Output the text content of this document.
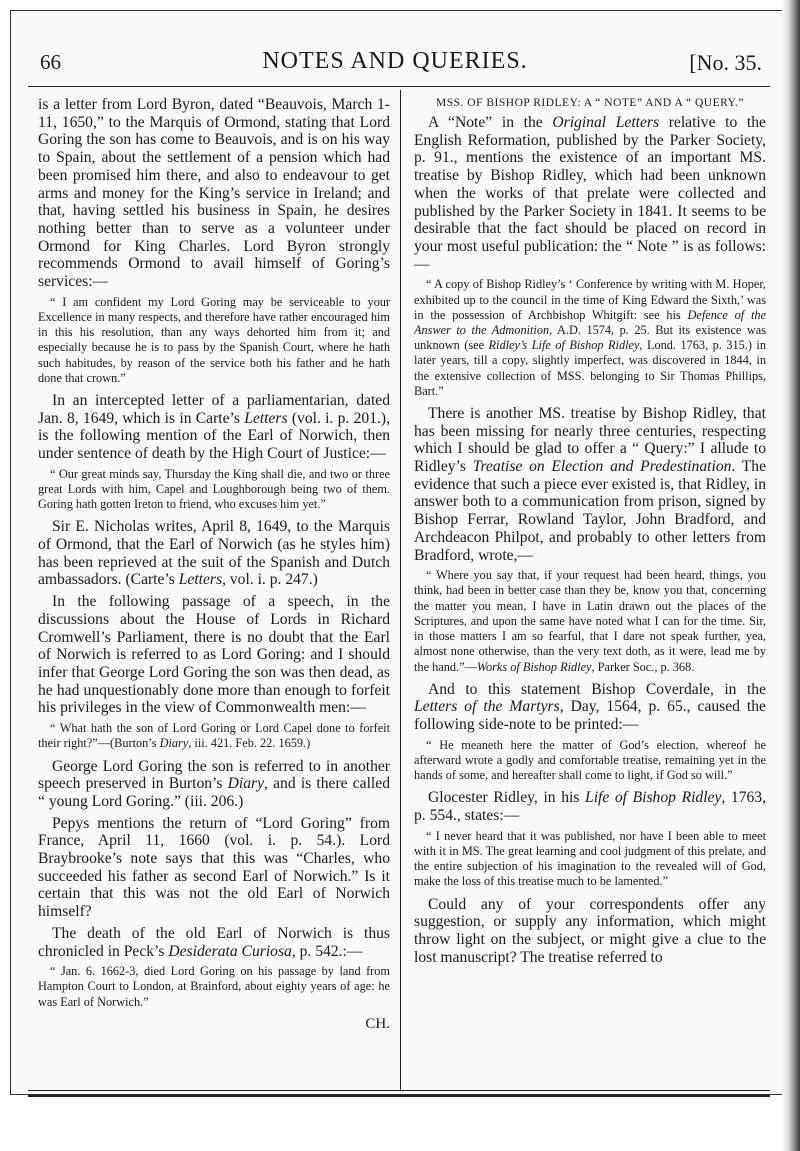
66	NOTES AND QUERIES.	[No. 35.

is a letter from Lord Byron, dated “Beauvois, March 1-11, 1650,” to the Marquis of Ormond, stating that Lord Goring the son has come to Beauvois, and is on his way to Spain, about the settlement of a pension which had been promised him there, and also to endeavour to get arms and money for the King’s service in Ireland; and that, having settled his business in Spain, he desires nothing better than to serve as a volunteer under Ormond for King Charles. Lord Byron strongly recommends Ormond to avail himself of Goring’s services:—

“ I am confident my Lord Goring may be serviceable to your Excellence in many respects, and therefore have rather encouraged him in this his resolution, than any ways dehorted him from it; and especially because he is to pass by the Spanish Court, where he hath such habitudes, by reason of the service both his father and he hath done that crown.”

In an intercepted letter of a parliamentarian, dated Jan. 8, 1649, which is in Carte’s Letters (vol. i. p. 201.), is the following mention of the Earl of Norwich, then under sentence of death by the High Court of Justice:—

“ Our great minds say, Thursday the King shall die, and two or three great Lords with him, Capel and Loughborough being two of them. Goring hath gotten Ireton to friend, who excuses him yet.”

Sir E. Nicholas writes, April 8, 1649, to the Marquis of Ormond, that the Earl of Norwich (as he styles him) has been reprieved at the suit of the Spanish and Dutch ambassadors. (Carte’s Letters, vol. i. p. 247.)

In the following passage of a speech, in the discussions about the House of Lords in Richard Cromwell’s Parliament, there is no doubt that the Earl of Norwich is referred to as Lord Goring: and I should infer that George Lord Goring the son was then dead, as he had unquestionably done more than enough to forfeit his privileges in the view of Commonwealth men:—

“ What hath the son of Lord Goring or Lord Capel done to forfeit their right?”—(Burton’s Diary, iii. 421. Feb. 22. 1659.)

George Lord Goring the son is referred to in another speech preserved in Burton’s Diary, and is there called “ young Lord Goring.” (iii. 206.)

Pepys mentions the return of “Lord Goring” from France, April 11, 1660 (vol. i. p. 54.). Lord Braybrooke’s note says that this was “Charles, who succeeded his father as second Earl of Norwich.” Is it certain that this was not the old Earl of Norwich himself?

The death of the old Earl of Norwich is thus chronicled in Peck’s Desiderata Curiosa, p. 542.:—

“ Jan. 6. 1662-3, died Lord Goring on his passage by land from Hampton Court to London, at Brainford, about eighty years of age: he was Earl of Norwich.”

CH.
MSS. OF BISHOP RIDLEY: A “ NOTE” AND A “ QUERY.”

A “Note” in the Original Letters relative to the English Reformation, published by the Parker Society, p. 91., mentions the existence of an important MS. treatise by Bishop Ridley, which had been unknown when the works of that prelate were collected and published by the Parker Society in 1841. It seems to be desirable that the fact should be placed on record in your most useful publication: the “ Note ” is as follows:—

“ A copy of Bishop Ridley’s ‘ Conference by writing with M. Hoper, exhibited up to the council in the time of King Edward the Sixth,’ was in the possession of Archbishop Whitgift: see his Defence of the Answer to the Admonition, A.D. 1574, p. 25. But its existence was unknown (see Ridley’s Life of Bishop Ridley, Lond. 1763, p. 315.) in later years, till a copy, slightly imperfect, was discovered in 1844, in the extensive collection of MSS. belonging to Sir Thomas Phillips, Bart.”

There is another MS. treatise by Bishop Ridley, that has been missing for nearly three centuries, respecting which I should be glad to offer a “ Query:” I allude to Ridley’s Treatise on Election and Predestination. The evidence that such a piece ever existed is, that Ridley, in answer both to a communication from prison, signed by Bishop Ferrar, Rowland Taylor, John Bradford, and Archdeacon Philpot, and probably to other letters from Bradford, wrote,—

“ Where you say that, if your request had been heard, things, you think, had been in better case than they be, know you that, concerning the matter you mean, I have in Latin drawn out the places of the Scriptures, and upon the same have noted what I can for the time. Sir, in those matters I am so fearful, that I dare not speak further, yea, almost none otherwise, than the very text doth, as it were, lead me by the hand.”—Works of Bishop Ridley, Parker Soc., p. 368.

And to this statement Bishop Coverdale, in the Letters of the Martyrs, Day, 1564, p. 65., caused the following side-note to be printed:—

“ He meaneth here the matter of God’s election, whereof he afterward wrote a godly and comfortable treatise, remaining yet in the hands of some, and hereafter shall come to light, if God so will.”

Glocester Ridley, in his Life of Bishop Ridley, 1763, p. 554., states:—

“ I never heard that it was published, nor have I been able to meet with it in MS. The great learning and cool judgment of this prelate, and the entire subjection of his imagination to the revealed will of God, make the loss of this treatise much to be lamented.”

Could any of your correspondents offer any suggestion, or supply any information, which might throw light on the subject, or might give a clue to the lost manuscript? The treatise referred to
